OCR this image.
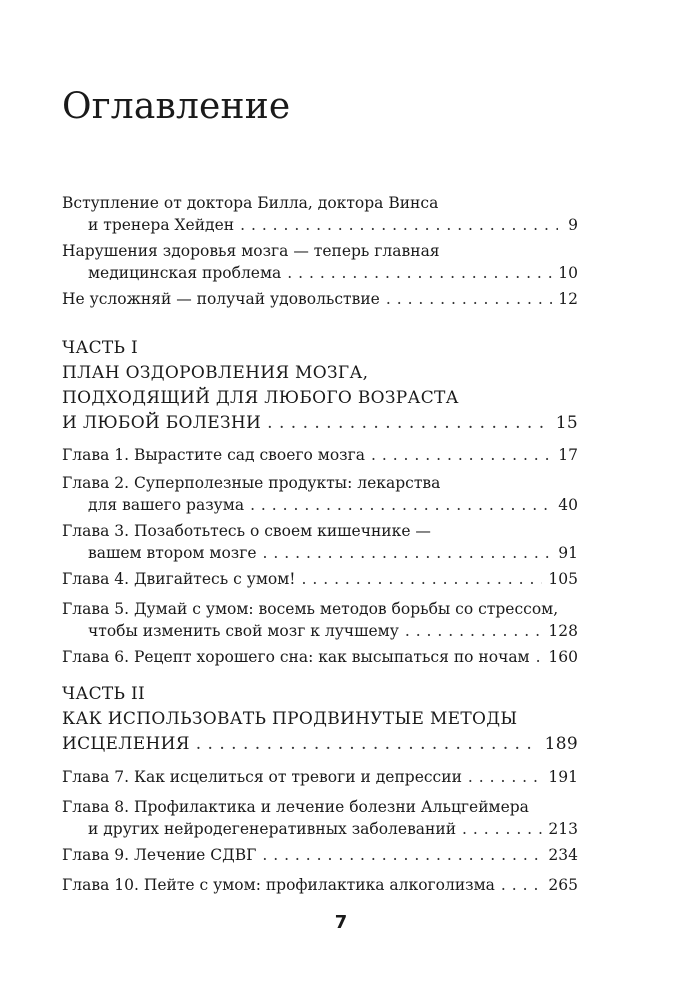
Оглавление
Вступление от доктора Билла, доктора Винса
и тренера Хейден . . .	9
Нарушения здоровья мозга — теперь главная
медицинская проблема . . .	10
Не усложняй — получай удовольствие . . .	12
ЧАСТЬ I
ПЛАН ОЗДОРОВЛЕНИЯ МОЗГА,
ПОДХОДЯЩИЙ ДЛЯ ЛЮБОГО ВОЗРАСТА
И ЛЮБОЙ БОЛЕЗНИ . . .	15
Глава 1. Вырастите сад своего мозга . . .	17
Глава 2. Суперполезные продукты: лекарства
для вашего разума . . .	40
Глава 3. Позаботьтесь о своем кишечнике —
вашем втором мозге . . .	91
Глава 4. Двигайтесь с умом! . . .	105
Глава 5. Думай с умом: восемь методов борьбы со стрессом,
чтобы изменить свой мозг к лучшему . . .	128
Глава 6. Рецепт хорошего сна: как высыпаться по ночам . . . 160
ЧАСТЬ II
КАК ИСПОЛЬЗОВАТЬ ПРОДВИНУТЫЕ МЕТОДЫ
ИСЦЕЛЕНИЯ . . .	189
Глава 7. Как исцелиться от тревоги и депрессии . . .	191
Глава 8. Профилактика и лечение болезни Альцгеймера
и других нейродегенеративных заболеваний . . .	213
Глава 9. Лечение СДВГ . . .	234
Глава 10. Пейте с умом: профилактика алкоголизма . . .	265
7
